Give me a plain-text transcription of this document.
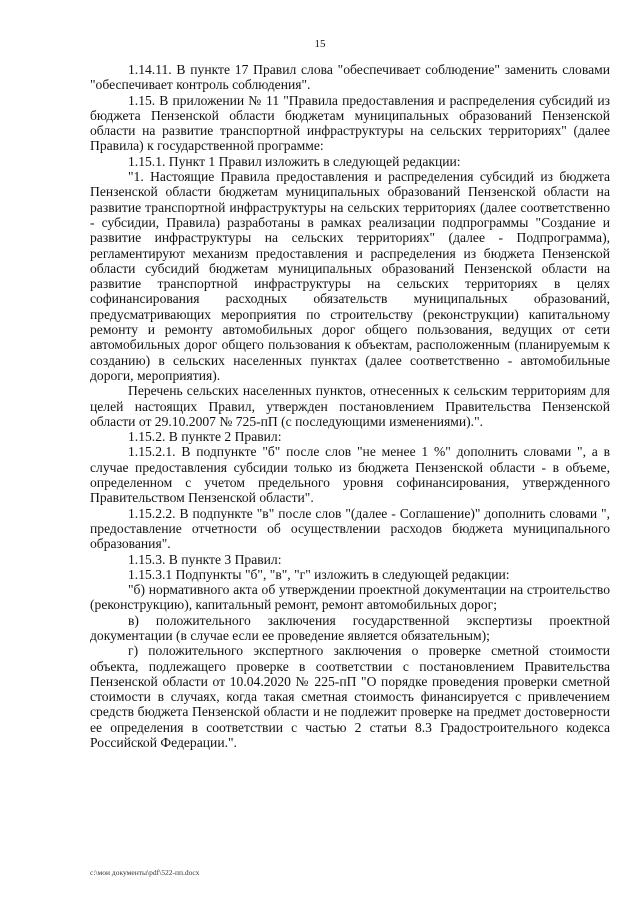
15

1.14.11. В пункте 17 Правил слова "обеспечивает соблюдение" заменить словами "обеспечивает контроль соблюдения".

1.15. В приложении № 11 "Правила предоставления и распределения субсидий из бюджета Пензенской области бюджетам муниципальных образований Пензенской области на развитие транспортной инфраструктуры на сельских территориях" (далее Правила) к государственной программе:

1.15.1. Пункт 1 Правил изложить в следующей редакции:

"1. Настоящие Правила предоставления и распределения субсидий из бюджета Пензенской области бюджетам муниципальных образований Пензенской области на развитие транспортной инфраструктуры на сельских территориях (далее соответственно - субсидии, Правила) разработаны в рамках реализации подпрограммы "Создание и развитие инфраструктуры на сельских территориях" (далее - Подпрограмма), регламентируют механизм предоставления и распределения из бюджета Пензенской области субсидий бюджетам муниципальных образований Пензенской области на развитие транспортной инфраструктуры на сельских территориях в целях софинансирования расходных обязательств муниципальных образований, предусматривающих мероприятия по строительству (реконструкции) капитальному ремонту и ремонту автомобильных дорог общего пользования, ведущих от сети автомобильных дорог общего пользования к объектам, расположенным (планируемым к созданию) в сельских населенных пунктах (далее соответственно - автомобильные дороги, мероприятия).

Перечень сельских населенных пунктов, отнесенных к сельским территориям для целей настоящих Правил, утвержден постановлением Правительства Пензенской области от 29.10.2007 № 725-пП (с последующими изменениями).".

1.15.2. В пункте 2 Правил:

1.15.2.1. В подпункте "б" после слов "не менее 1 %" дополнить словами ", а в случае предоставления субсидии только из бюджета Пензенской области - в объеме, определенном с учетом предельного уровня софинансирования, утвержденного Правительством Пензенской области".

1.15.2.2. В подпункте "в" после слов "(далее - Соглашение)" дополнить словами ", предоставление отчетности об осуществлении расходов бюджета муниципального образования".

1.15.3. В пункте 3 Правил:

1.15.3.1 Подпункты "б", "в", "г" изложить в следующей редакции:

"б) нормативного акта об утверждении проектной документации на строительство (реконструкцию), капитальный ремонт, ремонт автомобильных дорог;

в) положительного заключения государственной экспертизы проектной документации (в случае если ее проведение является обязательным);

г) положительного экспертного заключения о проверке сметной стоимости объекта, подлежащего проверке в соответствии с постановлением Правительства Пензенской области от 10.04.2020 № 225-пП "О порядке проведения проверки сметной стоимости в случаях, когда такая сметная стоимость финансируется с привлечением средств бюджета Пензенской области и не подлежит проверке на предмет достоверности ее определения в соответствии с частью 2 статьи 8.3 Градостроительного кодекса Российской Федерации.".

c:\мои документы\pdf\522-пп.docx
